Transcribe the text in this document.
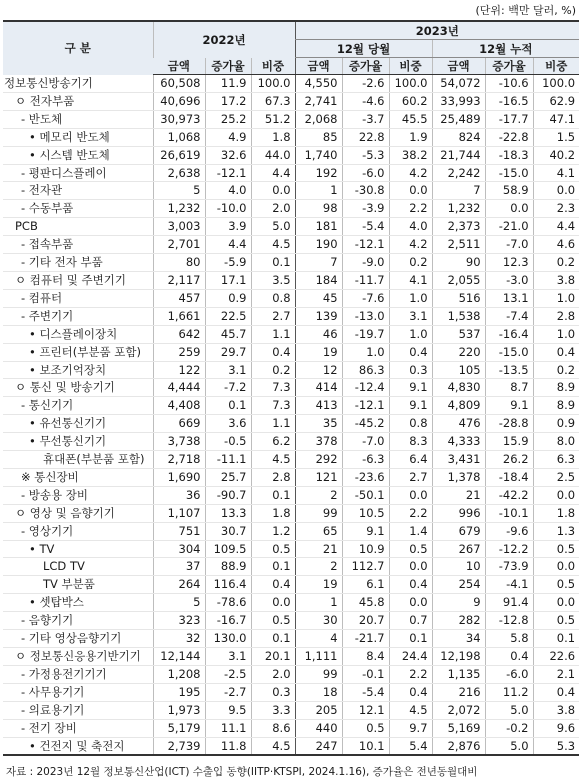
(단위: 백만 달러, %)
구 분	2022년			2023년					
				12월 당월			12월 누적		
	금액	증가율	비중	금액	증가율	비중	금액	증가율	비중
정보통신방송기기	60,508	11.9	100.0	4,550	-2.6	100.0	54,072	-10.6	100.0
ㅇ 전자부품	40,696	17.2	67.3	2,741	-4.6	60.2	33,993	-16.5	62.9
- 반도체	30,973	25.2	51.2	2,068	-3.7	45.5	25,489	-17.7	47.1
• 메모리 반도체	1,068	4.9	1.8	85	22.8	1.9	824	-22.8	1.5
• 시스템 반도체	26,619	32.6	44.0	1,740	-5.3	38.2	21,744	-18.3	40.2
- 평판디스플레이	2,638	-12.1	4.4	192	-6.0	4.2	2,242	-15.0	4.1
- 전자관	5	4.0	0.0	1	-30.8	0.0	7	58.9	0.0
- 수동부품	1,232	-10.0	2.0	98	-3.9	2.2	1,232	0.0	2.3
PCB	3,003	3.9	5.0	181	-5.4	4.0	2,373	-21.0	4.4
- 접속부품	2,701	4.4	4.5	190	-12.1	4.2	2,511	-7.0	4.6
- 기타 전자 부품	80	-5.9	0.1	7	-9.0	0.2	90	12.3	0.2
ㅇ 컴퓨터 및 주변기기	2,117	17.1	3.5	184	-11.7	4.1	2,055	-3.0	3.8
- 컴퓨터	457	0.9	0.8	45	-7.6	1.0	516	13.1	1.0
- 주변기기	1,661	22.5	2.7	139	-13.0	3.1	1,538	-7.4	2.8
• 디스플레이장치	642	45.7	1.1	46	-19.7	1.0	537	-16.4	1.0
• 프린터(부분품 포함)	259	29.7	0.4	19	1.0	0.4	220	-15.0	0.4
• 보조기억장치	122	3.1	0.2	12	86.3	0.3	105	-13.5	0.2
ㅇ 통신 및 방송기기	4,444	-7.2	7.3	414	-12.4	9.1	4,830	8.7	8.9
- 통신기기	4,408	0.1	7.3	413	-12.1	9.1	4,809	9.1	8.9
• 유선통신기기	669	3.6	1.1	35	-45.2	0.8	476	-28.8	0.9
• 무선통신기기	3,738	-0.5	6.2	378	-7.0	8.3	4,333	15.9	8.0
휴대폰(부분품 포함)	2,718	-11.1	4.5	292	-6.3	6.4	3,431	26.2	6.3
※ 통신장비	1,690	25.7	2.8	121	-23.6	2.7	1,378	-18.4	2.5
- 방송용 장비	36	-90.7	0.1	2	-50.1	0.0	21	-42.2	0.0
ㅇ 영상 및 음향기기	1,107	13.3	1.8	99	10.5	2.2	996	-10.1	1.8
- 영상기기	751	30.7	1.2	65	9.1	1.4	679	-9.6	1.3
• TV	304	109.5	0.5	21	10.9	0.5	267	-12.2	0.5
LCD TV	37	88.9	0.1	2	112.7	0.0	10	-73.9	0.0
TV 부분품	264	116.4	0.4	19	6.1	0.4	254	-4.1	0.5
• 셋탑박스	5	-78.6	0.0	1	45.8	0.0	9	91.4	0.0
- 음향기기	323	-16.7	0.5	30	20.7	0.7	282	-12.8	0.5
- 기타 영상음향기기	32	130.0	0.1	4	-21.7	0.1	34	5.8	0.1
ㅇ 정보통신응용기반기기	12,144	3.1	20.1	1,111	8.4	24.4	12,198	0.4	22.6
- 가정용전기기기	1,208	-2.5	2.0	99	-0.1	2.2	1,135	-6.0	2.1
- 사무용기기	195	-2.7	0.3	18	-5.4	0.4	216	11.2	0.4
- 의료용기기	1,973	9.5	3.3	205	12.1	4.5	2,072	5.0	3.8
- 전기 장비	5,179	11.1	8.6	440	0.5	9.7	5,169	-0.2	9.6
• 건전지 및 축전지	2,739	11.8	4.5	247	10.1	5.4	2,876	5.0	5.3
자료 : 2023년 12월 정보통신산업(ICT) 수출입 동향(IITP·KTSPI, 2024.1.16), 증가율은 전년동월대비
